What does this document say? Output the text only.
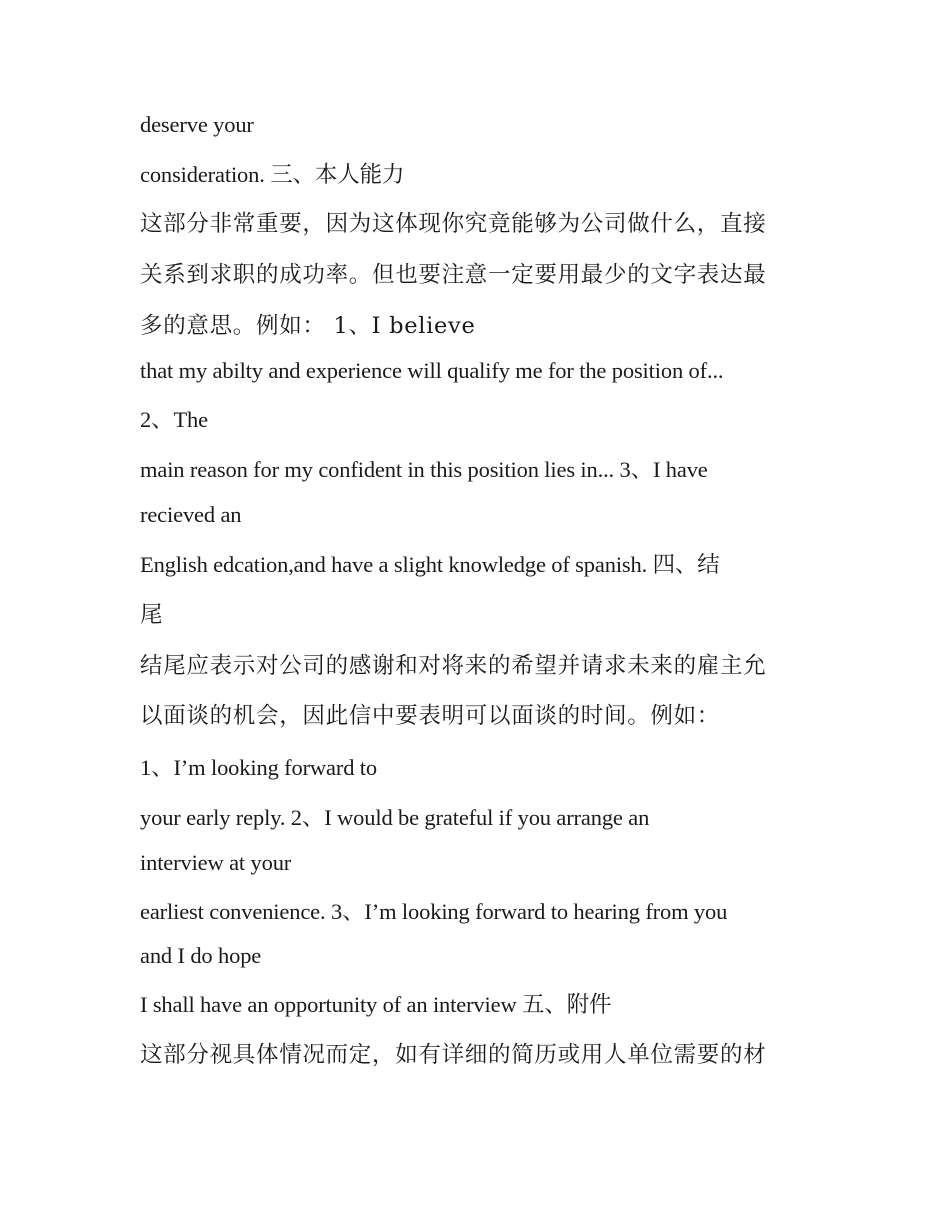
deserve your
consideration. 三、本人能力
这部分非常重要，因为这体现你究竟能够为公司做什么，直接
关系到求职的成功率。但也要注意一定要用最少的文字表达最
多的意思。例如： 1、I believe
that my abilty and experience will qualify me for the position of...
2、The
main reason for my confident in this position lies in... 3、I have
recieved an
English edcation,and have a slight knowledge of spanish. 四、结
尾
结尾应表示对公司的感谢和对将来的希望并请求未来的雇主允
以面谈的机会，因此信中要表明可以面谈的时间。例如：
1、I’m looking forward to
your early reply. 2、I would be grateful if you arrange an
interview at your
earliest convenience. 3、I’m looking forward to hearing from you
and I do hope
I shall have an opportunity of an interview 五、附件
这部分视具体情况而定，如有详细的简历或用人单位需要的材
